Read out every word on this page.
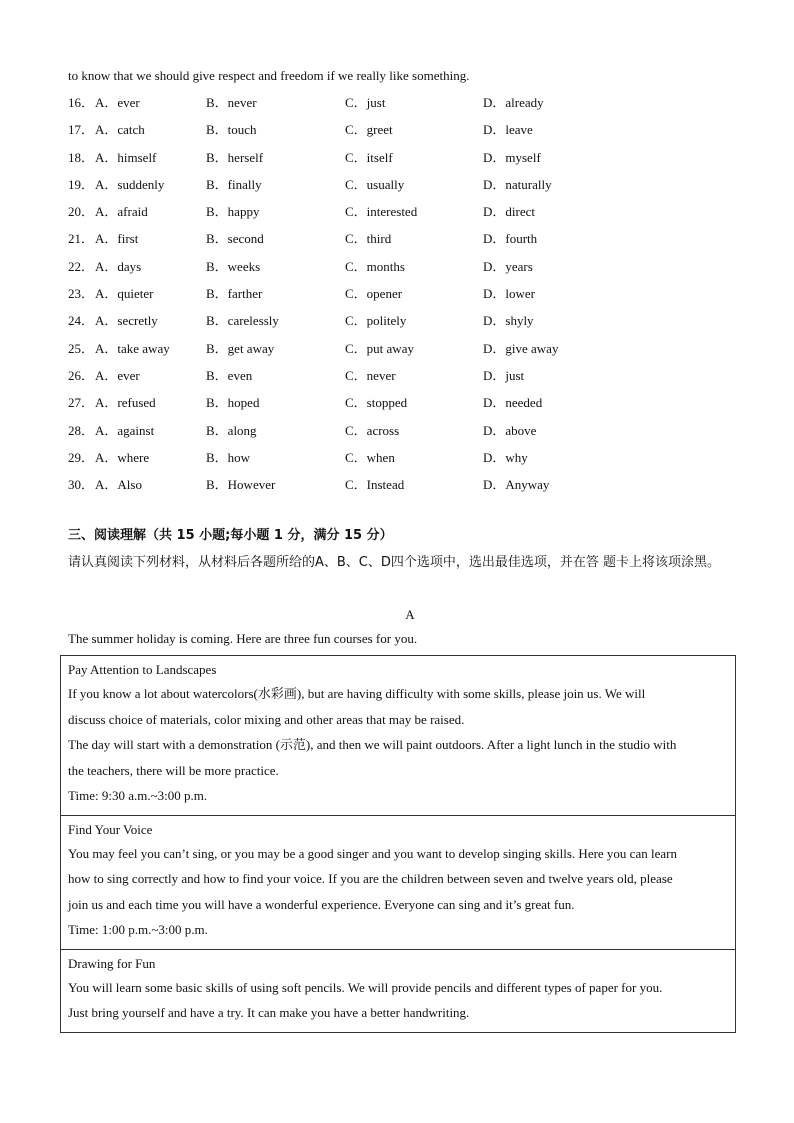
to know that we should give respect and freedom if we really like something.
16． A．ever	B．never	C．just	D．already
17． A．catch	B．touch	C．greet	D．leave
18． A．himself	B．herself	C．itself	D．myself
19． A．suddenly	B．finally	C．usually	D．naturally
20． A．afraid	B．happy	C．interested	D．direct
21． A．first	B．second	C．third	D．fourth
22． A．days	B．weeks	C．months	D．years
23． A．quieter	B．farther	C．opener	D．lower
24． A．secretly	B．carelessly	C．politely	D．shyly
25． A．take away	B．get away	C．put away	D．give away
26． A．ever	B．even	C．never	D．just
27． A．refused	B．hoped	C．stopped	D．needed
28． A．against	B．along	C．across	D．above
29． A．where	B．how	C．when	D．why
30． A．Also	B．However	C．Instead	D．Anyway
三、阅读理解（共 15 小题;每小题 1 分，满分 15 分）
请认真阅读下列材料，从材料后各题所给的A、B、C、D四个选项中，选出最佳选项，并在答 题卡上将该项涂黑。
A
The summer holiday is coming. Here are three fun courses for you.

Pay Attention to Landscapes

If you know a lot about watercolors(水彩画), but are having difficulty with some skills, please join us. We will

discuss choice of materials, color mixing and other areas that may be raised.

The day will start with a demonstration (示范), and then we will paint outdoors. After a light lunch in the studio with

the teachers, there will be more practice.

Time: 9:30 a.m.~3:00 p.m.

Find Your Voice

You may feel you can’t sing, or you may be a good singer and you want to develop singing skills. Here you can learn

how to sing correctly and how to find your voice. If you are the children between seven and twelve years old, please

join us and each time you will have a wonderful experience. Everyone can sing and it’s great fun.

Time: 1:00 p.m.~3:00 p.m.

Drawing for Fun

You will learn some basic skills of using soft pencils. We will provide pencils and different types of paper for you.

Just bring yourself and have a try. It can make you have a better handwriting.
